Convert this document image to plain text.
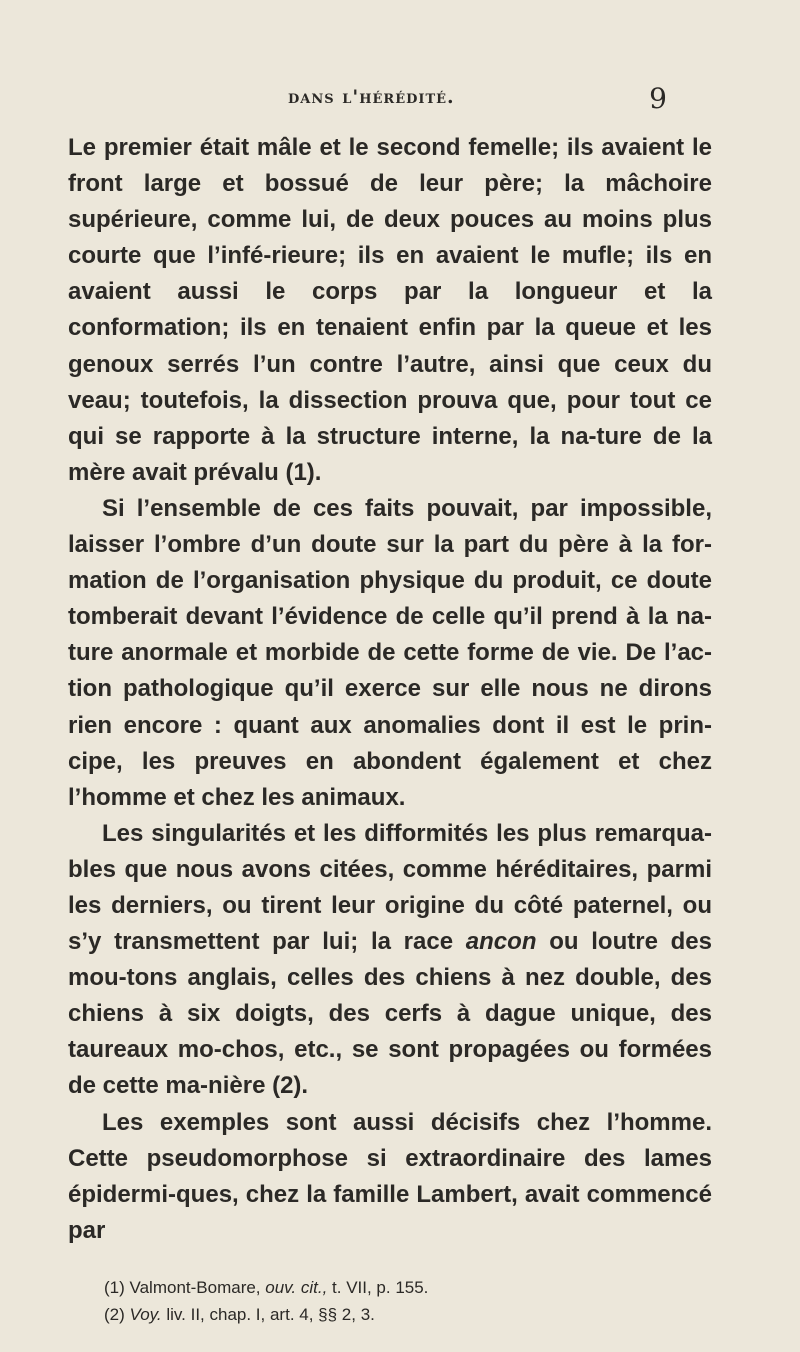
dans l'hérédité.	9

Le premier était mâle et le second femelle; ils avaient le front large et bossué de leur père; la mâchoire supérieure, comme lui, de deux pouces au moins plus courte que l’infé-rieure; ils en avaient le mufle; ils en avaient aussi le corps par la longueur et la conformation; ils en tenaient enfin par la queue et les genoux serrés l’un contre l’autre, ainsi que ceux du veau; toutefois, la dissection prouva que, pour tout ce qui se rapporte à la structure interne, la na-ture de la mère avait prévalu (1).

Si l’ensemble de ces faits pouvait, par impossible, laisser l’ombre d’un doute sur la part du père à la for-mation de l’organisation physique du produit, ce doute tomberait devant l’évidence de celle qu’il prend à la na-ture anormale et morbide de cette forme de vie. De l’ac-tion pathologique qu’il exerce sur elle nous ne dirons rien encore : quant aux anomalies dont il est le prin-cipe, les preuves en abondent également et chez l’homme et chez les animaux.

Les singularités et les difformités les plus remarqua-bles que nous avons citées, comme héréditaires, parmi les derniers, ou tirent leur origine du côté paternel, ou s’y transmettent par lui; la race ancon ou loutre des mou-tons anglais, celles des chiens à nez double, des chiens à six doigts, des cerfs à dague unique, des taureaux mo-chos, etc., se sont propagées ou formées de cette ma-nière (2).

Les exemples sont aussi décisifs chez l’homme. Cette pseudomorphose si extraordinaire des lames épidermi-ques, chez la famille Lambert, avait commencé par

(1) Valmont-Bomare, ouv. cit., t. VII, p. 155.
(2) Voy. liv. II, chap. I, art. 4, §§ 2, 3.
